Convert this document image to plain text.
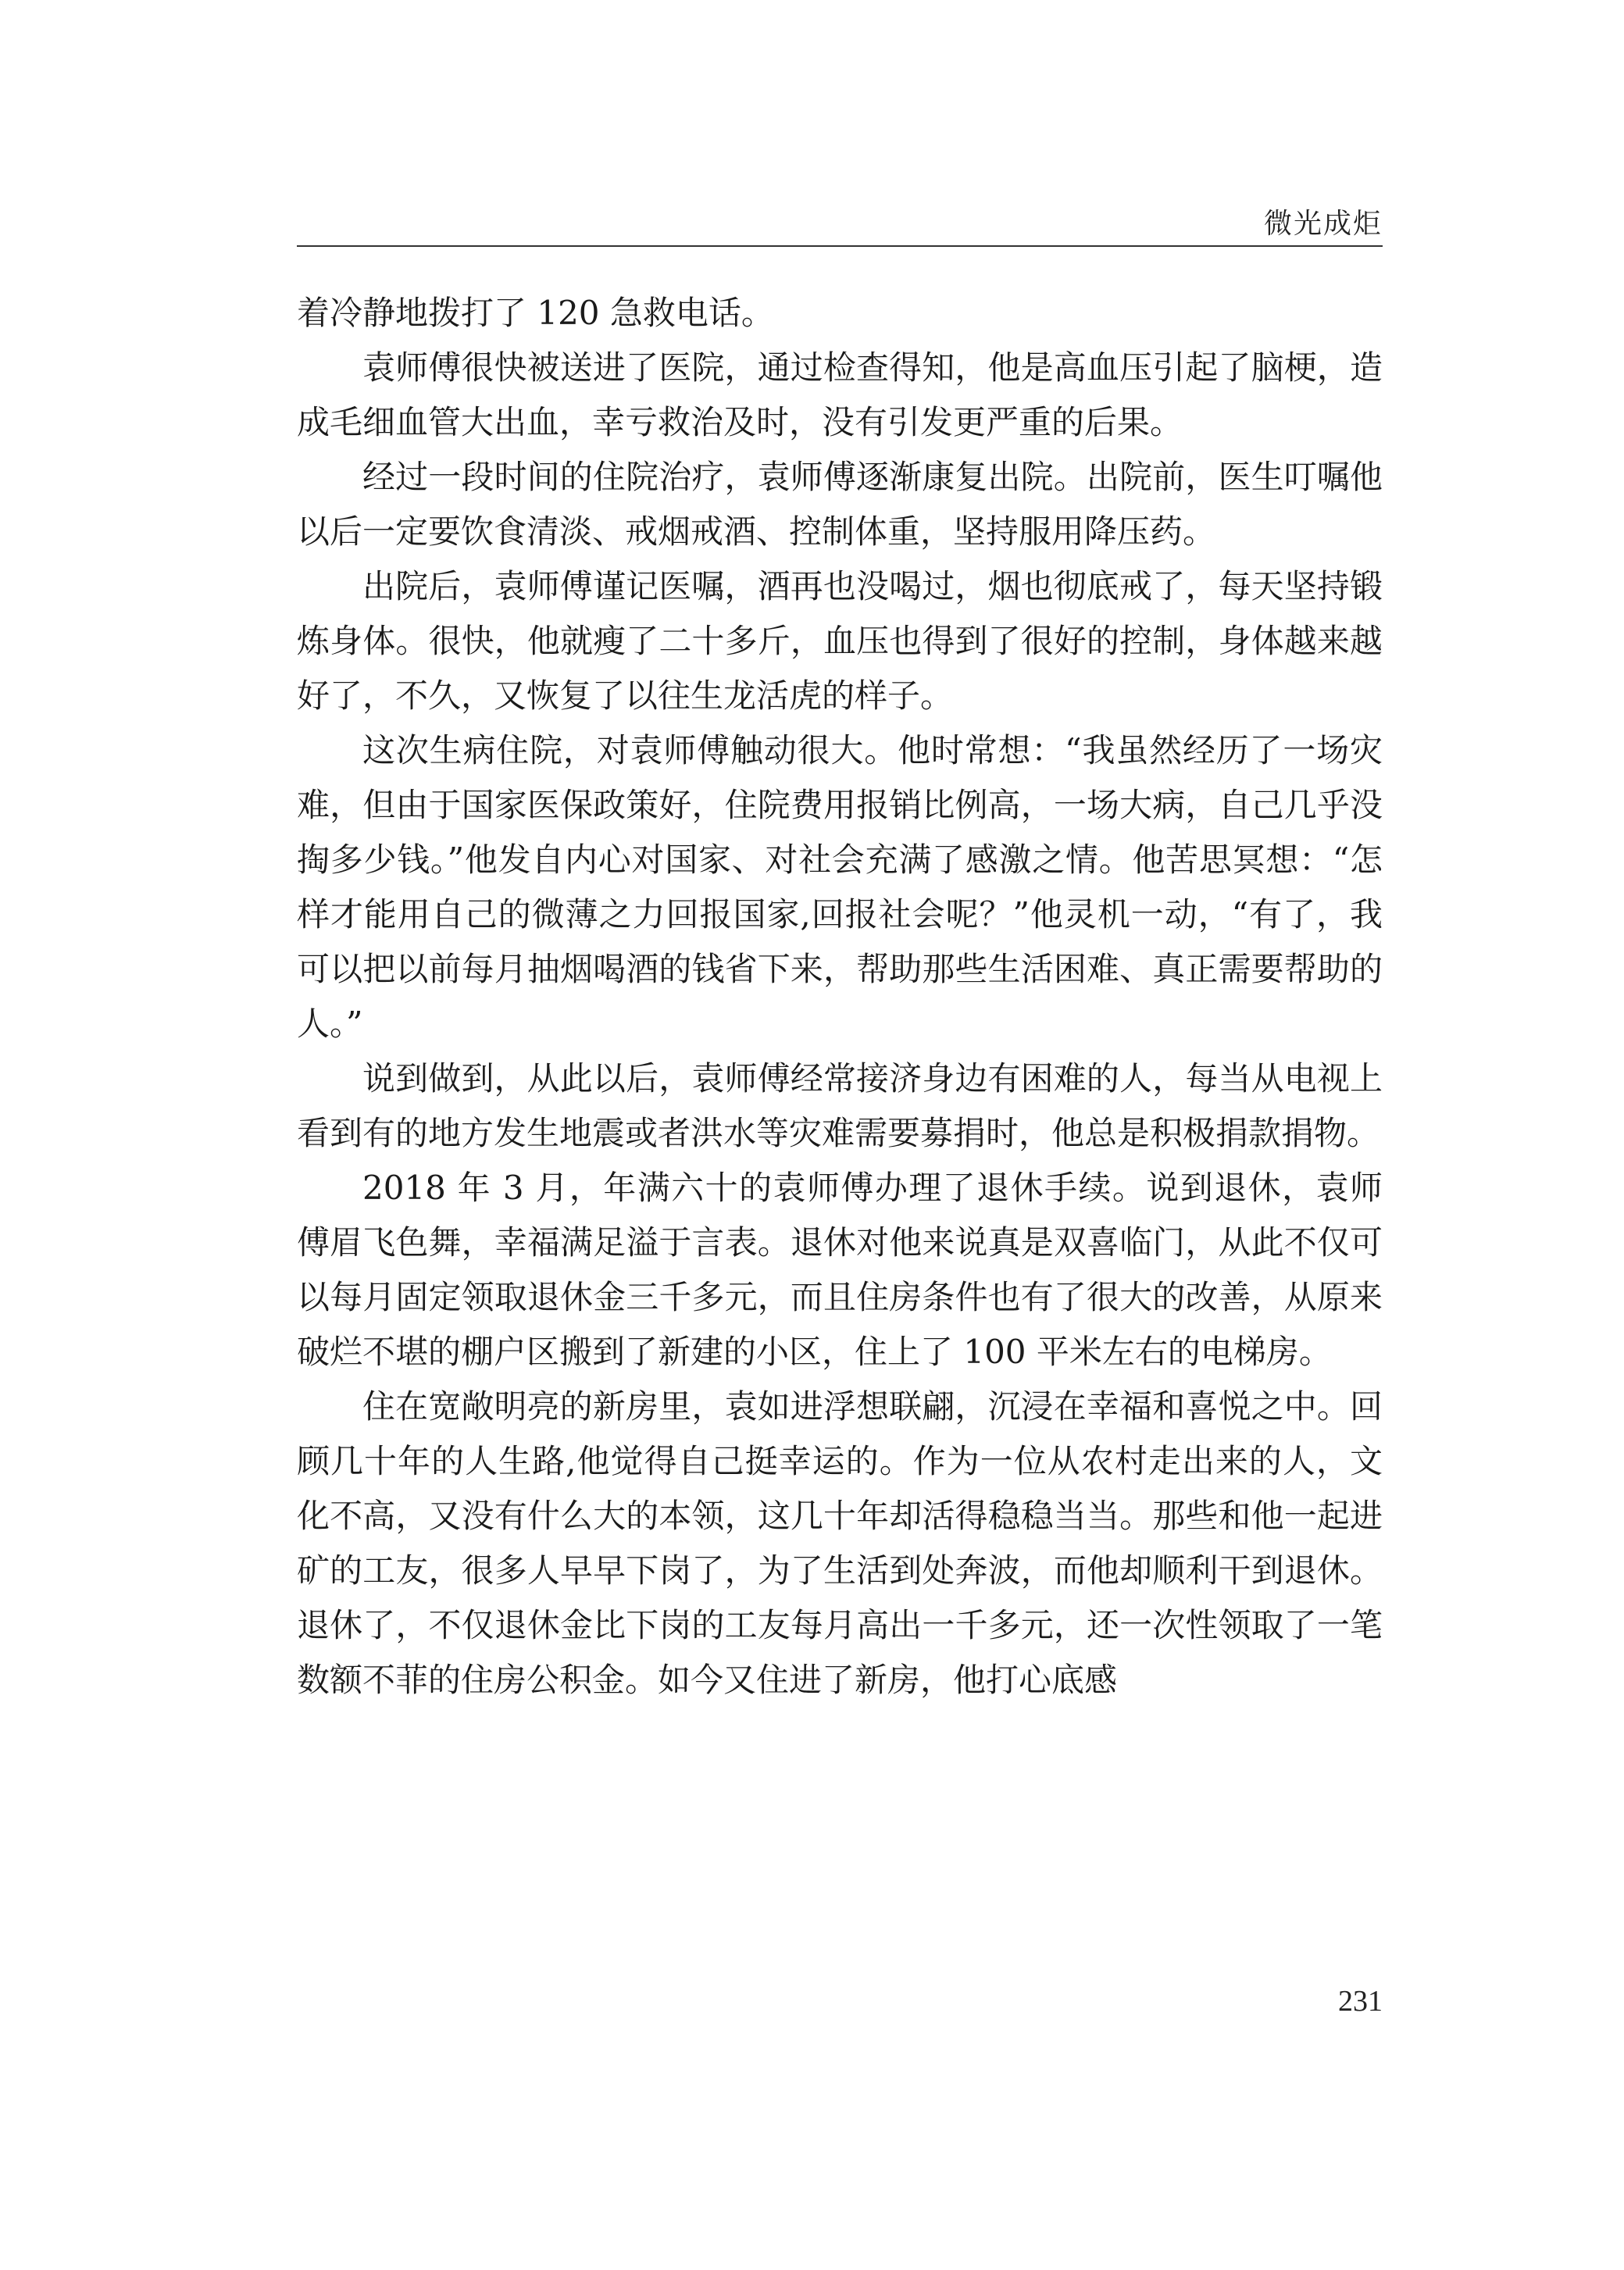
微光成炬

着冷静地拨打了 120 急救电话。

袁师傅很快被送进了医院，通过检查得知，他是高血压引起了脑梗，造成毛细血管大出血，幸亏救治及时，没有引发更严重的后果。

经过一段时间的住院治疗，袁师傅逐渐康复出院。出院前，医生叮嘱他以后一定要饮食清淡、戒烟戒酒、控制体重，坚持服用降压药。

出院后，袁师傅谨记医嘱，酒再也没喝过，烟也彻底戒了，每天坚持锻炼身体。很快，他就瘦了二十多斤，血压也得到了很好的控制，身体越来越好了，不久，又恢复了以往生龙活虎的样子。

这次生病住院，对袁师傅触动很大。他时常想：“我虽然经历了一场灾难，但由于国家医保政策好，住院费用报销比例高，一场大病，自己几乎没掏多少钱。”他发自内心对国家、对社会充满了感激之情。他苦思冥想：“怎样才能用自己的微薄之力回报国家,回报社会呢？”他灵机一动，“有了，我可以把以前每月抽烟喝酒的钱省下来，帮助那些生活困难、真正需要帮助的人。”

说到做到，从此以后，袁师傅经常接济身边有困难的人，每当从电视上看到有的地方发生地震或者洪水等灾难需要募捐时，他总是积极捐款捐物。

2018 年 3 月，年满六十的袁师傅办理了退休手续。说到退休，袁师傅眉飞色舞，幸福满足溢于言表。退休对他来说真是双喜临门，从此不仅可以每月固定领取退休金三千多元，而且住房条件也有了很大的改善，从原来破烂不堪的棚户区搬到了新建的小区，住上了 100 平米左右的电梯房。

住在宽敞明亮的新房里，袁如进浮想联翩，沉浸在幸福和喜悦之中。回顾几十年的人生路,他觉得自己挺幸运的。作为一位从农村走出来的人，文化不高，又没有什么大的本领，这几十年却活得稳稳当当。那些和他一起进矿的工友，很多人早早下岗了，为了生活到处奔波，而他却顺利干到退休。退休了，不仅退休金比下岗的工友每月高出一千多元，还一次性领取了一笔数额不菲的住房公积金。如今又住进了新房，他打心底感

231
